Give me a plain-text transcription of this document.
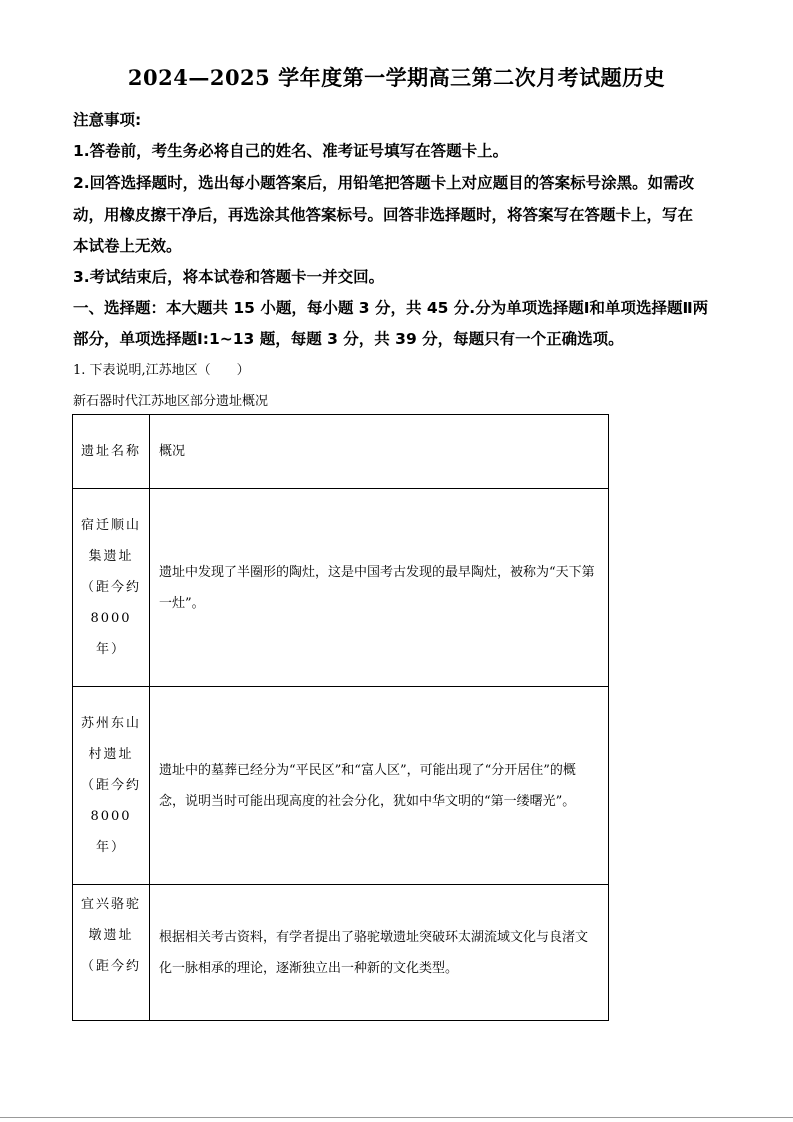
2024—2025 学年度第一学期高三第二次月考试题历史
注意事项:
1.答卷前，考生务必将自己的姓名、准考证号填写在答题卡上。
2.回答选择题时，选出每小题答案后，用铅笔把答题卡上对应题目的答案标号涂黑。如需改
动，用橡皮擦干净后，再选涂其他答案标号。回答非选择题时，将答案写在答题卡上，写在
本试卷上无效。
3.考试结束后，将本试卷和答题卡一并交回。
一、选择题：本大题共 15 小题，每小题 3 分，共 45 分.分为单项选择题Ⅰ和单项选择题Ⅱ两
部分，单项选择题Ⅰ:1~13 题，每题 3 分，共 39 分，每题只有一个正确选项。
1. 下表说明,江苏地区（　　）
新石器时代江苏地区部分遗址概况
遗址名称	概况
宿迁顺山集遗址（距今约8000 年）	遗址中发现了半圈形的陶灶，这是中国考古发现的最早陶灶，被称为“天下第一灶”。
苏州东山村遗址（距今约8000 年）	遗址中的墓葬已经分为“平民区”和“富人区”，可能出现了“分开居住”的概念，说明当时可能出现高度的社会分化，犹如中华文明的“第一缕曙光”。
宜兴骆驼墩遗址（距今约	根据相关考古资料，有学者提出了骆驼墩遗址突破环太湖流域文化与良渚文化一脉相承的理论，逐渐独立出一种新的文化类型。
